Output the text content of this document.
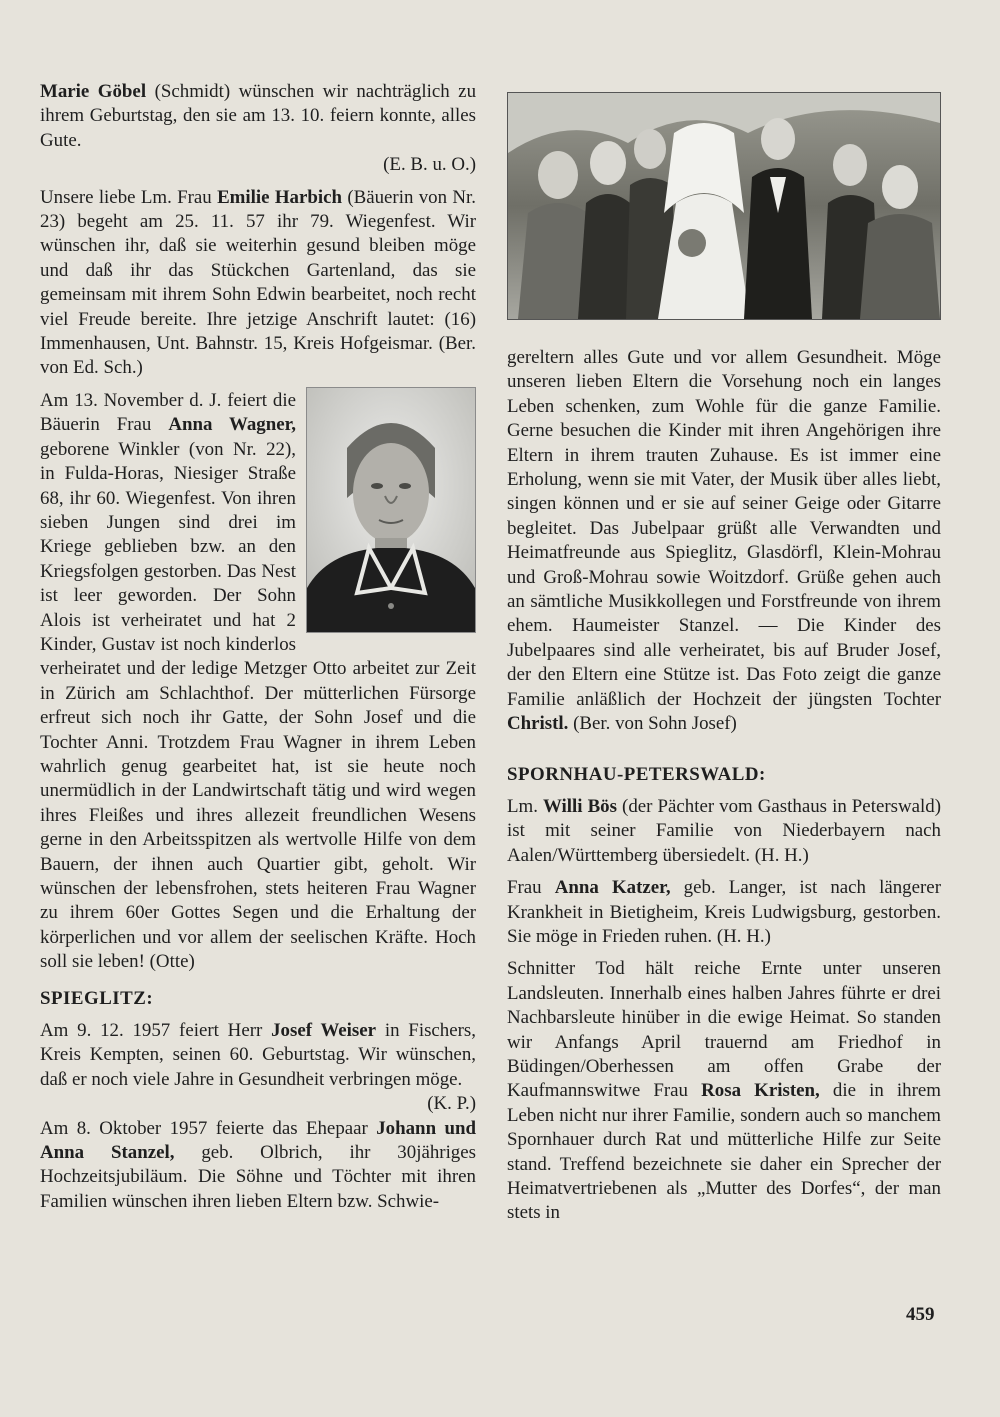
Marie Göbel (Schmidt) wünschen wir nachträglich zu ihrem Geburtstag, den sie am 13. 10. feiern konnte, alles Gute.

(E. B. u. O.)

Unsere liebe Lm. Frau Emilie Harbich (Bäuerin von Nr. 23) begeht am 25. 11. 57 ihr 79. Wiegenfest. Wir wünschen ihr, daß sie weiterhin gesund bleiben möge und daß ihr das Stückchen Gartenland, das sie gemeinsam mit ihrem Sohn Edwin bearbeitet, noch recht viel Freude bereite. Ihre jetzige Anschrift lautet: (16) Immenhausen, Unt. Bahnstr. 15, Kreis Hofgeismar. (Ber. von Ed. Sch.)

Am 13. November d. J. feiert die Bäuerin Frau Anna Wagner, geborene Winkler (von Nr. 22), in Fulda-Horas, Niesiger Straße 68, ihr 60. Wiegenfest. Von ihren sieben Jungen sind drei im Kriege geblieben bzw. an den Kriegsfolgen gestorben. Das Nest ist leer geworden. Der Sohn Alois ist verheiratet und hat 2 Kinder, Gustav ist noch kinderlos verheiratet und der ledige Metzger Otto arbeitet zur Zeit in Zürich am Schlachthof. Der mütterlichen Fürsorge erfreut sich noch ihr Gatte, der Sohn Josef und die Tochter Anni. Trotzdem Frau Wagner in ihrem Leben wahrlich genug gearbeitet hat, ist sie heute noch unermüdlich in der Landwirtschaft tätig und wird wegen ihres Fleißes und ihres allezeit freundlichen Wesens gerne in den Arbeitsspitzen als wertvolle Hilfe von dem Bauern, der ihnen auch Quartier gibt, geholt. Wir wünschen der lebensfrohen, stets heiteren Frau Wagner zu ihrem 60er Gottes Segen und die Erhaltung der körperlichen und vor allem der seelischen Kräfte. Hoch soll sie leben! (Otte)

SPIEGLITZ:

Am 9. 12. 1957 feiert Herr Josef Weiser in Fischers, Kreis Kempten, seinen 60. Geburtstag. Wir wünschen, daß er noch viele Jahre in Gesundheit verbringen möge.

(K. P.)

Am 8. Oktober 1957 feierte das Ehepaar Johann und Anna Stanzel, geb. Olbrich, ihr 30jähriges Hochzeitsjubiläum. Die Söhne und Töchter mit ihren Familien wünschen ihren lieben Eltern bzw. Schwie-

gereltern alles Gute und vor allem Gesundheit. Möge unseren lieben Eltern die Vorsehung noch ein langes Leben schenken, zum Wohle für die ganze Familie. Gerne besuchen die Kinder mit ihren Angehörigen ihre Eltern in ihrem trauten Zuhause. Es ist immer eine Erholung, wenn sie mit Vater, der Musik über alles liebt, singen können und er sie auf seiner Geige oder Gitarre begleitet. Das Jubelpaar grüßt alle Verwandten und Heimatfreunde aus Spieglitz, Glasdörfl, Klein-Mohrau und Groß-Mohrau sowie Woitzdorf. Grüße gehen auch an sämtliche Musikkollegen und Forstfreunde von ihrem ehem. Haumeister Stanzel. — Die Kinder des Jubelpaares sind alle verheiratet, bis auf Bruder Josef, der den Eltern eine Stütze ist. Das Foto zeigt die ganze Familie anläßlich der Hochzeit der jüngsten Tochter Christl. (Ber. von Sohn Josef)

SPORNHAU-PETERSWALD:

Lm. Willi Bös (der Pächter vom Gasthaus in Peterswald) ist mit seiner Familie von Niederbayern nach Aalen/Württemberg übersiedelt. (H. H.)

Frau Anna Katzer, geb. Langer, ist nach längerer Krankheit in Bietigheim, Kreis Ludwigsburg, gestorben. Sie möge in Frieden ruhen. (H. H.)

Schnitter Tod hält reiche Ernte unter unseren Landsleuten. Innerhalb eines halben Jahres führte er drei Nachbarsleute hinüber in die ewige Heimat. So standen wir Anfangs April trauernd am Friedhof in Büdingen/Oberhessen am offen Grabe der Kaufmannswitwe Frau Rosa Kristen, die in ihrem Leben nicht nur ihrer Familie, sondern auch so manchem Spornhauer durch Rat und mütterliche Hilfe zur Seite stand. Treffend bezeichnete sie daher ein Sprecher der Heimatvertriebenen als „Mutter des Dorfes“, der man stets in

459
